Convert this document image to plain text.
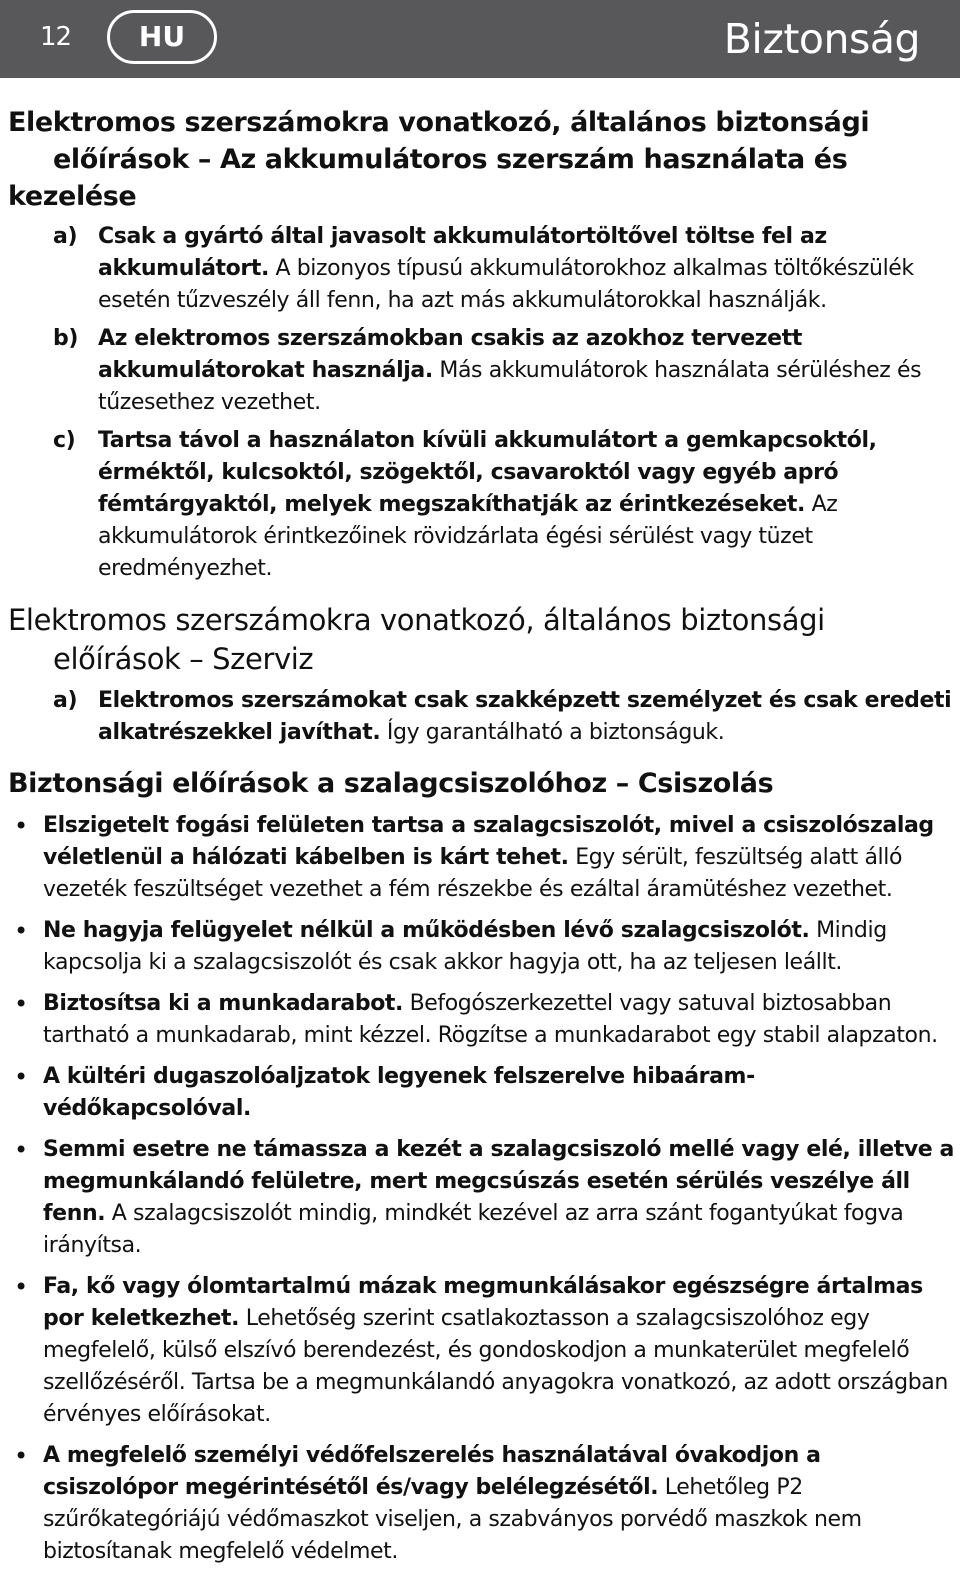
12	HU	Biztonság
Elektromos szerszámokra vonatkozó, általános biztonsági
előírások – Az akkumulátoros szerszám használata és kezelése
a) Csak a gyártó által javasolt akkumulátortöltővel töltse fel az akkumulátort. A bizonyos típusú akkumulátorokhoz alkalmas töltőkészülék esetén tűzveszély áll fenn, ha azt más akkumulátorokkal használják.
b) Az elektromos szerszámokban csakis az azokhoz tervezett akkumulátorokat használja. Más akkumulátorok használata sérüléshez és tűzesethez vezethet.
c) Tartsa távol a használaton kívüli akkumulátort a gemkapcsoktól, érméktől, kulcsoktól, szögektől, csavaroktól vagy egyéb apró fémtárgyaktól, melyek megszakíthatják az érintkezéseket. Az akkumulátorok érintkezőinek rövidzárlata égési sérülést vagy tüzet eredményezhet.
Elektromos szerszámokra vonatkozó, általános biztonsági
előírások – Szerviz
a) Elektromos szerszámokat csak szakképzett személyzet és csak eredeti alkatrészekkel javíthat. Így garantálható a biztonságuk.
Biztonsági előírások a szalagcsiszolóhoz – Csiszolás
• Elszigetelt fogási felületen tartsa a szalagcsiszolót, mivel a csiszolószalag véletlenül a hálózati kábelben is kárt tehet. Egy sérült, feszültség alatt álló vezeték feszültséget vezethet a fém részekbe és ezáltal áramütéshez vezethet.
• Ne hagyja felügyelet nélkül a működésben lévő szalagcsiszolót. Mindig kapcsolja ki a szalagcsiszolót és csak akkor hagyja ott, ha az teljesen leállt.
• Biztosítsa ki a munkadarabot. Befogószerkezettel vagy satuval biztosabban tartható a munkadarab, mint kézzel. Rögzítse a munkadarabot egy stabil alapzaton.
• A kültéri dugaszolóaljzatok legyenek felszerelve hibaáram-védőkapcsolóval.
• Semmi esetre ne támassza a kezét a szalagcsiszoló mellé vagy elé, illetve a megmunkálandó felületre, mert megcsúszás esetén sérülés veszélye áll fenn. A szalagcsiszolót mindig, mindkét kezével az arra szánt fogantyúkat fogva irányítsa.
• Fa, kő vagy ólomtartalmú mázak megmunkálásakor egészségre ártalmas por keletkezhet. Lehetőség szerint csatlakoztasson a szalagcsiszolóhoz egy megfelelő, külső elszívó berendezést, és gondoskodjon a munkaterület megfelelő szellőzéséről. Tartsa be a megmunkálandó anyagokra vonatkozó, az adott országban érvényes előírásokat.
• A megfelelő személyi védőfelszerelés használatával óvakodjon a csiszolópor megérintésétől és/vagy belélegzésétől. Lehetőleg P2 szűrőkategóriájú védőmaszkot viseljen, a szabványos porvédő maszkok nem biztosítanak megfelelő védelmet.
